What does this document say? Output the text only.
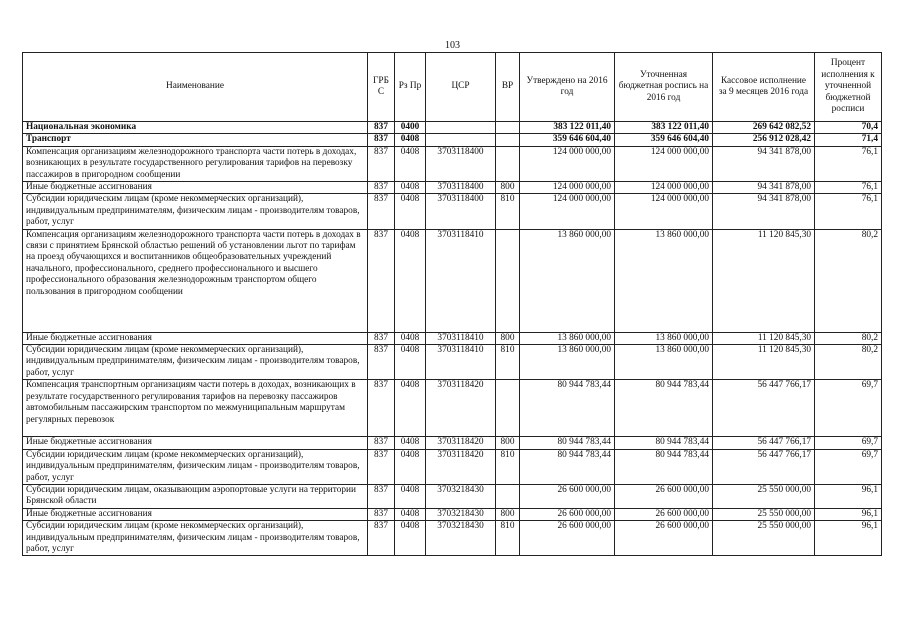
103
Наименование	ГРБС	Рз Пр	ЦСР	ВР	Утверждено на 2016 год	Уточненная бюджетная роспись на 2016 год	Кассовое исполнение за 9 месяцев 2016 года	Процент исполнения к уточненной бюджетной росписи
Национальная экономика	837	0400			383 122 011,40	383 122 011,40	269 642 082,52	70,4
Транспорт	837	0408			359 646 604,40	359 646 604,40	256 912 028,42	71,4
Компенсация организациям железнодорожного транспорта части потерь в доходах, возникающих в результате государственного регулирования тарифов на перевозку пассажиров в пригородном сообщении	837	0408	3703118400		124 000 000,00	124 000 000,00	94 341 878,00	76,1
Иные бюджетные ассигнования	837	0408	3703118400	800	124 000 000,00	124 000 000,00	94 341 878,00	76,1
Субсидии юридическим лицам (кроме некоммерческих организаций), индивидуальным предпринимателям, физическим лицам - производителям товаров, работ, услуг	837	0408	3703118400	810	124 000 000,00	124 000 000,00	94 341 878,00	76,1
Компенсация организациям железнодорожного транспорта части потерь в доходах в связи с принятием Брянской областью решений об установлении льгот по тарифам на проезд обучающихся и воспитанников общеобразовательных учреждений начального, профессионального, среднего профессионального и высшего профессионального образования железнодорожным транспортом общего пользования в пригородном сообщении	837	0408	3703118410		13 860 000,00	13 860 000,00	11 120 845,30	80,2
Иные бюджетные ассигнования	837	0408	3703118410	800	13 860 000,00	13 860 000,00	11 120 845,30	80,2
Субсидии юридическим лицам (кроме некоммерческих организаций), индивидуальным предпринимателям, физическим лицам - производителям товаров, работ, услуг	837	0408	3703118410	810	13 860 000,00	13 860 000,00	11 120 845,30	80,2
Компенсация транспортным организациям части потерь в доходах, возникающих в результате государственного регулирования тарифов на перевозку пассажиров автомобильным пассажирским транспортом по межмуниципальным маршрутам регулярных перевозок	837	0408	3703118420		80 944 783,44	80 944 783,44	56 447 766,17	69,7
Иные бюджетные ассигнования	837	0408	3703118420	800	80 944 783,44	80 944 783,44	56 447 766,17	69,7
Субсидии юридическим лицам (кроме некоммерческих организаций), индивидуальным предпринимателям, физическим лицам - производителям товаров, работ, услуг	837	0408	3703118420	810	80 944 783,44	80 944 783,44	56 447 766,17	69,7
Субсидии юридическим лицам, оказывающим аэропортовые услуги на территории Брянской области	837	0408	3703218430		26 600 000,00	26 600 000,00	25 550 000,00	96,1
Иные бюджетные ассигнования	837	0408	3703218430	800	26 600 000,00	26 600 000,00	25 550 000,00	96,1
Субсидии юридическим лицам (кроме некоммерческих организаций), индивидуальным предпринимателям, физическим лицам - производителям товаров, работ, услуг	837	0408	3703218430	810	26 600 000,00	26 600 000,00	25 550 000,00	96,1
